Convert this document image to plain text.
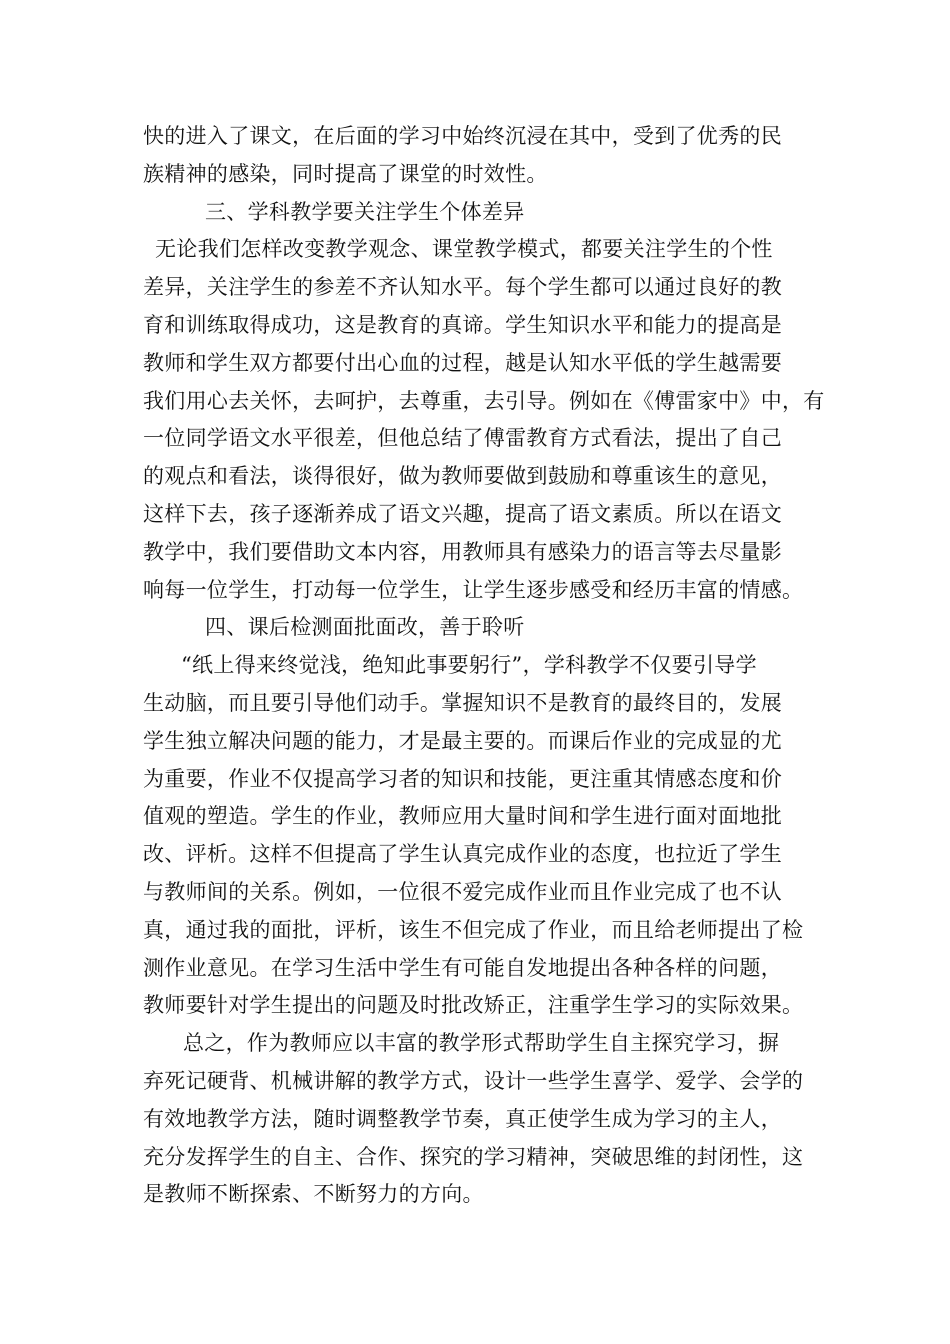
快的进入了课文，在后面的学习中始终沉浸在其中，受到了优秀的民
族精神的感染，同时提高了课堂的时效性。
三、学科教学要关注学生个体差异
无论我们怎样改变教学观念、课堂教学模式，都要关注学生的个性
差异，关注学生的参差不齐认知水平。每个学生都可以通过良好的教
育和训练取得成功，这是教育的真谛。学生知识水平和能力的提高是
教师和学生双方都要付出心血的过程，越是认知水平低的学生越需要
我们用心去关怀，去呵护，去尊重，去引导。例如在《傅雷家中》中，有
一位同学语文水平很差，但他总结了傅雷教育方式看法，提出了自己
的观点和看法，谈得很好，做为教师要做到鼓励和尊重该生的意见，
这样下去，孩子逐渐养成了语文兴趣，提高了语文素质。所以在语文
教学中，我们要借助文本内容，用教师具有感染力的语言等去尽量影
响每一位学生，打动每一位学生，让学生逐步感受和经历丰富的情感。
四、课后检测面批面改，善于聆听
“纸上得来终觉浅，绝知此事要躬行”，学科教学不仅要引导学
生动脑，而且要引导他们动手。掌握知识不是教育的最终目的，发展
学生独立解决问题的能力，才是最主要的。而课后作业的完成显的尤
为重要，作业不仅提高学习者的知识和技能，更注重其情感态度和价
值观的塑造。学生的作业，教师应用大量时间和学生进行面对面地批
改、评析。这样不但提高了学生认真完成作业的态度，也拉近了学生
与教师间的关系。例如，一位很不爱完成作业而且作业完成了也不认
真，通过我的面批，评析，该生不但完成了作业，而且给老师提出了检
测作业意见。在学习生活中学生有可能自发地提出各种各样的问题，
教师要针对学生提出的问题及时批改矫正，注重学生学习的实际效果。
总之，作为教师应以丰富的教学形式帮助学生自主探究学习，摒
弃死记硬背、机械讲解的教学方式，设计一些学生喜学、爱学、会学的
有效地教学方法，随时调整教学节奏，真正使学生成为学习的主人，
充分发挥学生的自主、合作、探究的学习精神，突破思维的封闭性，这
是教师不断探索、不断努力的方向。
